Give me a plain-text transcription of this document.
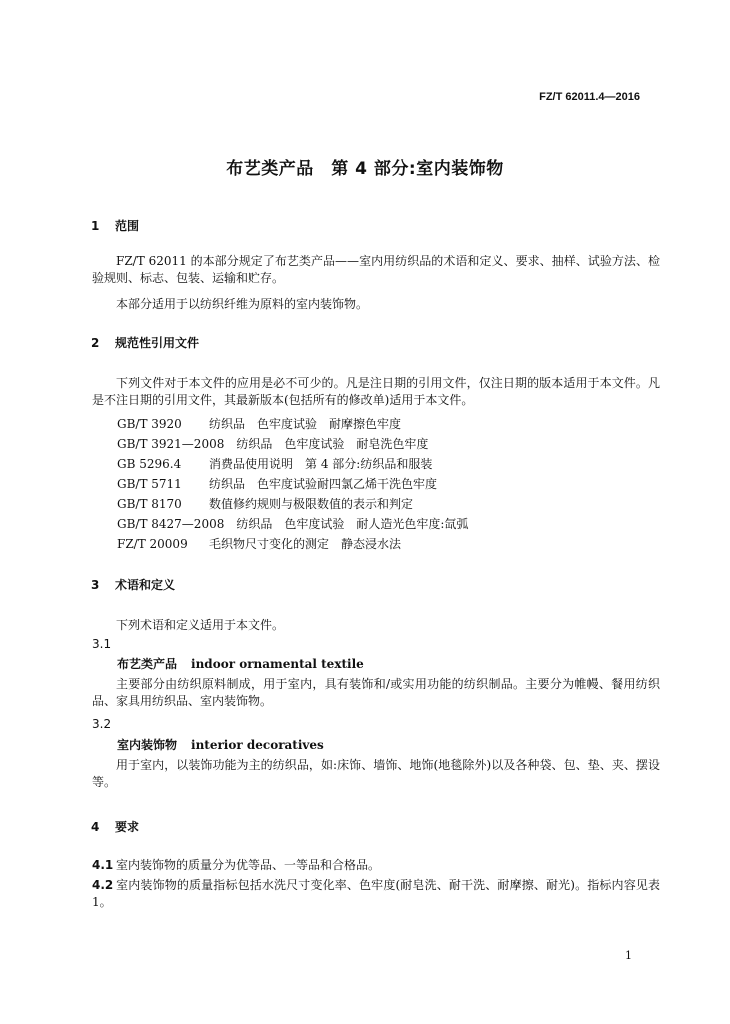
FZ/T 62011.4—2016
布艺类产品　第 4 部分:室内装饰物
1 范围
FZ/T 62011 的本部分规定了布艺类产品——室内用纺织品的术语和定义、要求、抽样、试验方法、检验规则、标志、包装、运输和贮存。
本部分适用于以纺织纤维为原料的室内装饰物。
2 规范性引用文件
下列文件对于本文件的应用是必不可少的。凡是注日期的引用文件，仅注日期的版本适用于本文件。凡是不注日期的引用文件，其最新版本(包括所有的修改单)适用于本文件。
GB/T 3920　 纺织品　色牢度试验　耐摩擦色牢度
GB/T 3921—2008　 纺织品　色牢度试验　耐皂洗色牢度
GB 5296.4　 消费品使用说明　第 4 部分:纺织品和服装
GB/T 5711　 纺织品　色牢度试验耐四氯乙烯干洗色牢度
GB/T 8170　 数值修约规则与极限数值的表示和判定
GB/T 8427—2008　 纺织品　色牢度试验　耐人造光色牢度:氙弧
FZ/T 20009　 毛织物尺寸变化的测定　静态浸水法
3 术语和定义
下列术语和定义适用于本文件。
3.1
布艺类产品 indoor ornamental textile
主要部分由纺织原料制成，用于室内，具有装饰和/或实用功能的纺织制品。主要分为帷幔、餐用纺织品、家具用纺织品、室内装饰物。
3.2
室内装饰物 interior decoratives
用于室内，以装饰功能为主的纺织品，如:床饰、墙饰、地饰(地毯除外)以及各种袋、包、垫、夹、摆设等。
4 要求
4.1 室内装饰物的质量分为优等品、一等品和合格品。
4.2 室内装饰物的质量指标包括水洗尺寸变化率、色牢度(耐皂洗、耐干洗、耐摩擦、耐光)。指标内容见表 1。
1
